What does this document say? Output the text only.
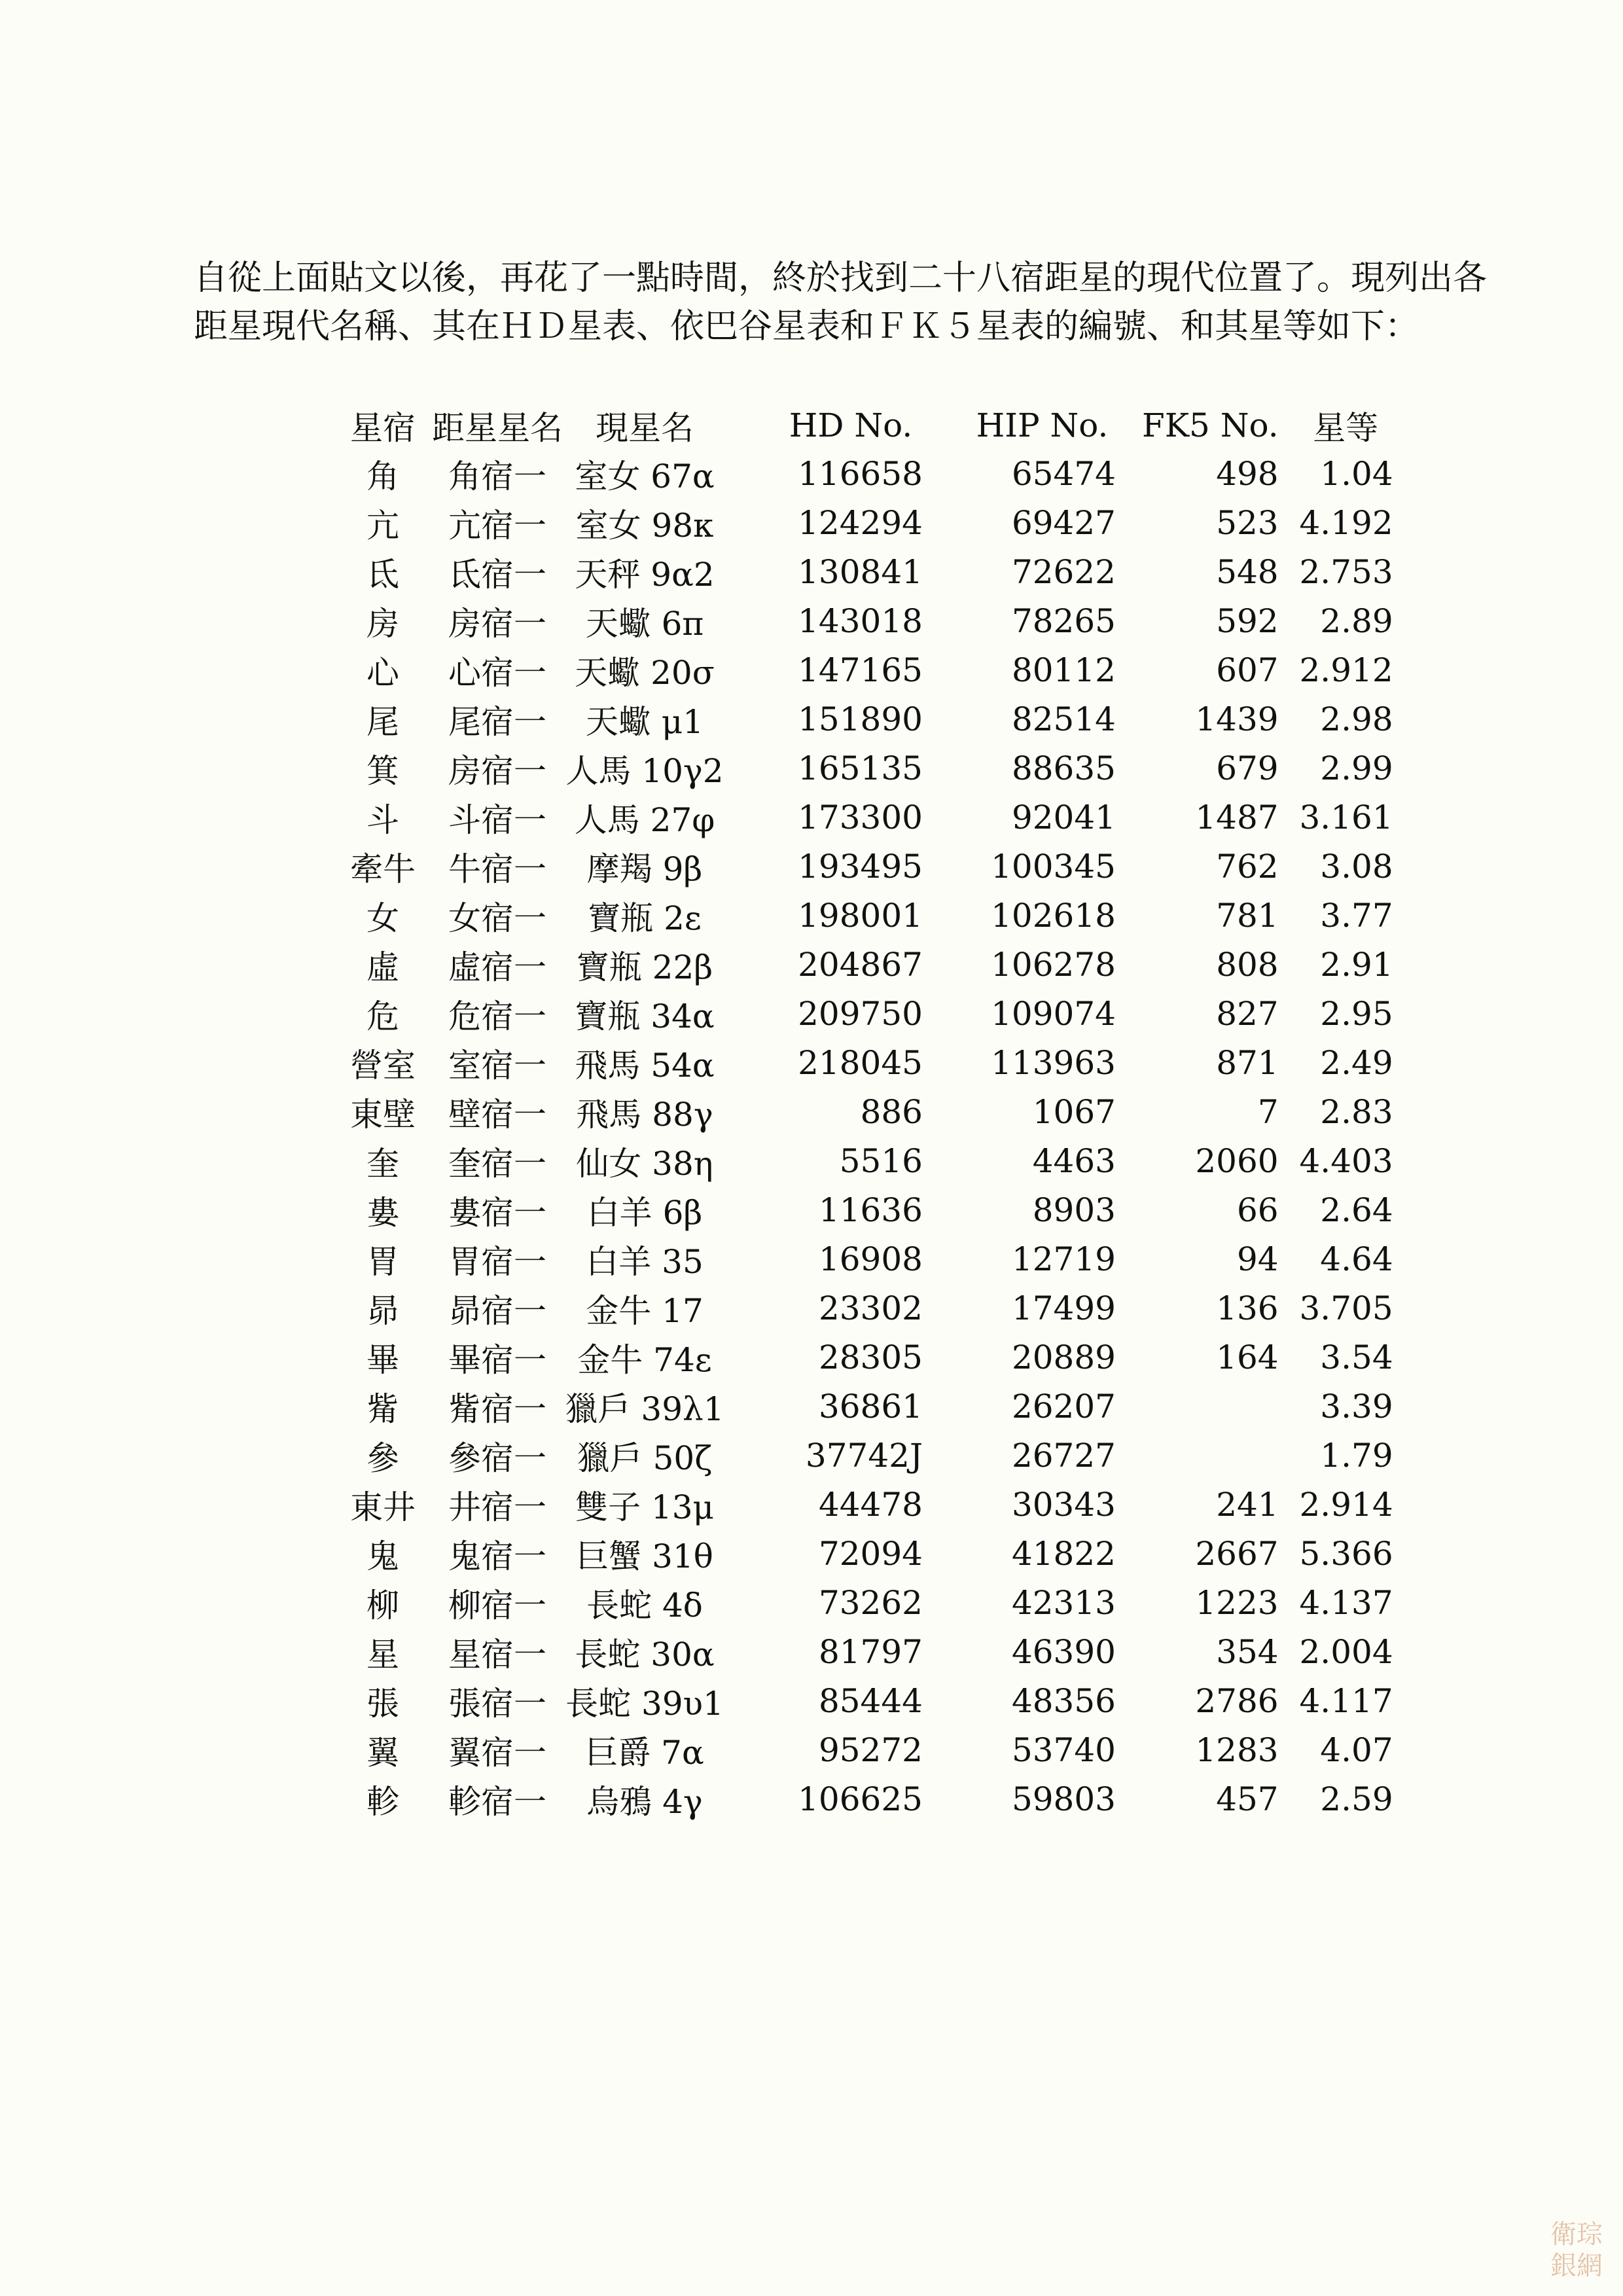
自從上面貼文以後，再花了一點時間，終於找到二十八宿距星的現代位置了。現列出各

距星現代名稱、其在ＨＤ星表、依巴谷星表和ＦＫ５星表的編號、和其星等如下：

星宿	距星星名	現星名	HD No.	HIP No.	FK5 No.	星等
角	角宿一	室女 67α	116658	65474	498	1.04
亢	亢宿一	室女 98κ	124294	69427	523	4.192
氐	氐宿一	天秤 9α2	130841	72622	548	2.753
房	房宿一	天蠍 6π	143018	78265	592	2.89
心	心宿一	天蠍 20σ	147165	80112	607	2.912
尾	尾宿一	天蠍 μ1	151890	82514	1439	2.98
箕	房宿一	人馬 10γ2	165135	88635	679	2.99
斗	斗宿一	人馬 27φ	173300	92041	1487	3.161
牽牛	牛宿一	摩羯 9β	193495	100345	762	3.08
女	女宿一	寶瓶 2ε	198001	102618	781	3.77
虛	虛宿一	寶瓶 22β	204867	106278	808	2.91
危	危宿一	寶瓶 34α	209750	109074	827	2.95
營室	室宿一	飛馬 54α	218045	113963	871	2.49
東壁	壁宿一	飛馬 88γ	886	1067	7	2.83
奎	奎宿一	仙女 38η	5516	4463	2060	4.403
婁	婁宿一	白羊 6β	11636	8903	66	2.64
胃	胃宿一	白羊 35	16908	12719	94	4.64
昴	昴宿一	金牛 17	23302	17499	136	3.705
畢	畢宿一	金牛 74ε	28305	20889	164	3.54
觜	觜宿一	獵戶 39λ1	36861	26207		3.39
參	參宿一	獵戶 50ζ	37742J	26727		1.79
東井	井宿一	雙子 13μ	44478	30343	241	2.914
鬼	鬼宿一	巨蟹 31θ	72094	41822	2667	5.366
柳	柳宿一	長蛇 4δ	73262	42313	1223	4.137
星	星宿一	長蛇 30α	81797	46390	354	2.004
張	張宿一	長蛇 39υ1	85444	48356	2786	4.117
翼	翼宿一	巨爵 7α	95272	53740	1283	4.07
軫	軫宿一	烏鴉 4γ	106625	59803	457	2.59
衛琮
銀網
